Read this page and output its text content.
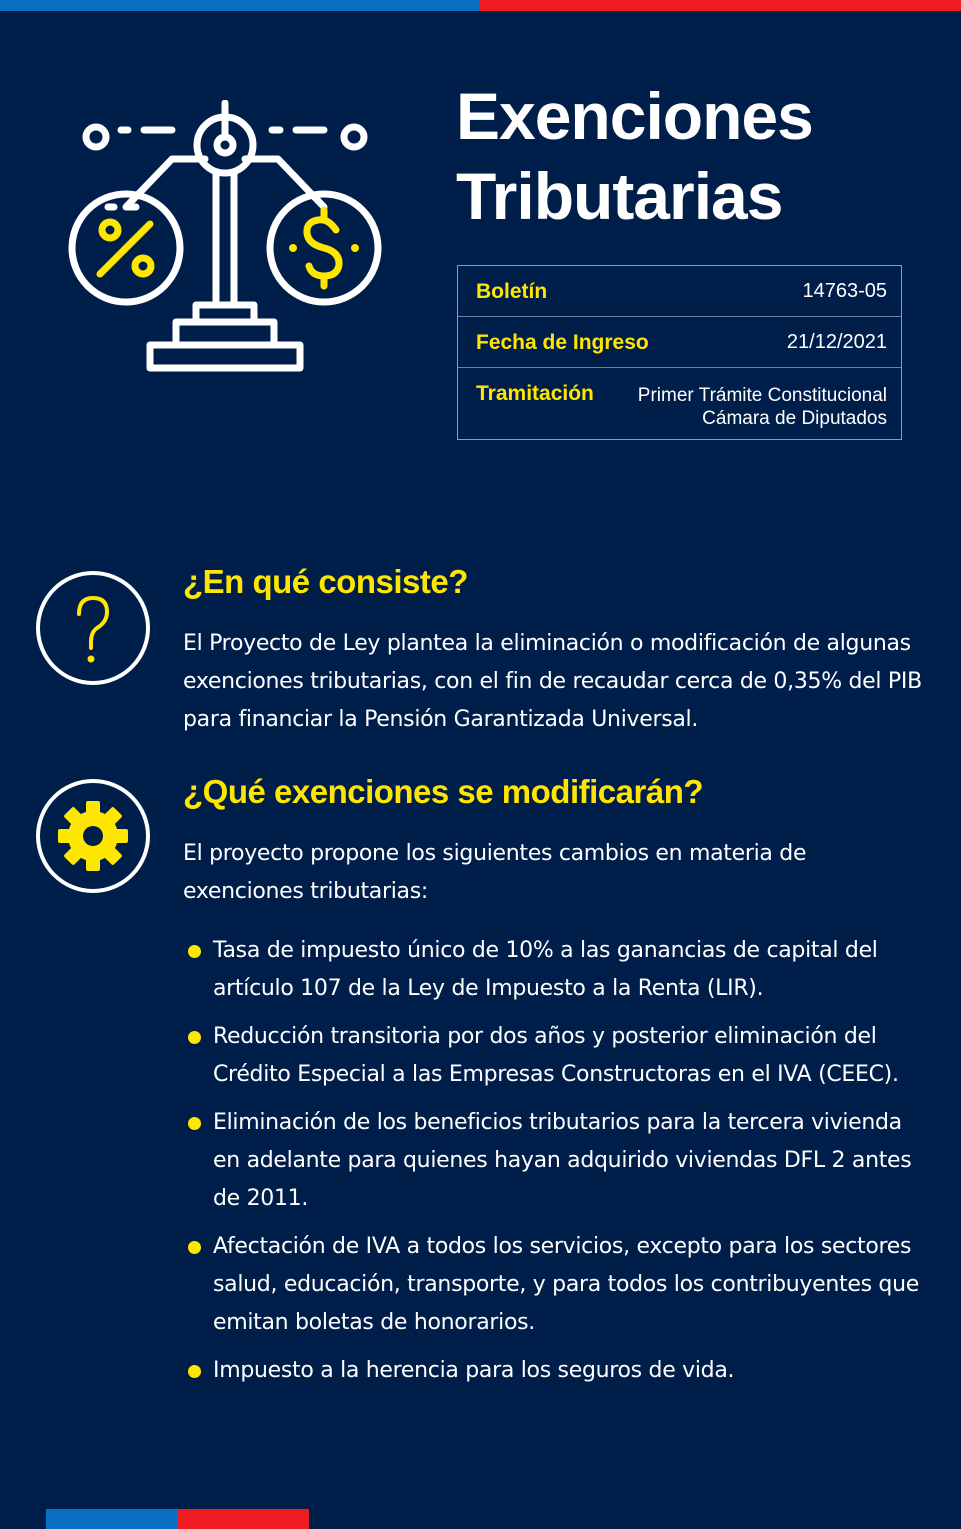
Exenciones
Tributarias
Boletín	14763-05
Fecha de Ingreso	21/12/2021
Tramitación Primer Trámite Constitucional
Cámara de Diputados
¿En qué consiste?

El Proyecto de Ley plantea la eliminación o modificación de algunas exenciones tributarias, con el fin de recaudar cerca de 0,35% del PIB para financiar la Pensión Garantizada Universal.

¿Qué exenciones se modificarán?

El proyecto propone los siguientes cambios en materia de exenciones tributarias:

Tasa de impuesto único de 10% a las ganancias de capital del artículo 107 de la Ley de Impuesto a la Renta (LIR).
Reducción transitoria por dos años y posterior eliminación del Crédito Especial a las Empresas Constructoras en el IVA (CEEC).
Eliminación de los beneficios tributarios para la tercera vivienda en adelante para quienes hayan adquirido viviendas DFL 2 antes de 2011.
Afectación de IVA a todos los servicios, excepto para los sectores salud, educación, transporte, y para todos los contribuyentes que emitan boletas de honorarios.
Impuesto a la herencia para los seguros de vida.
